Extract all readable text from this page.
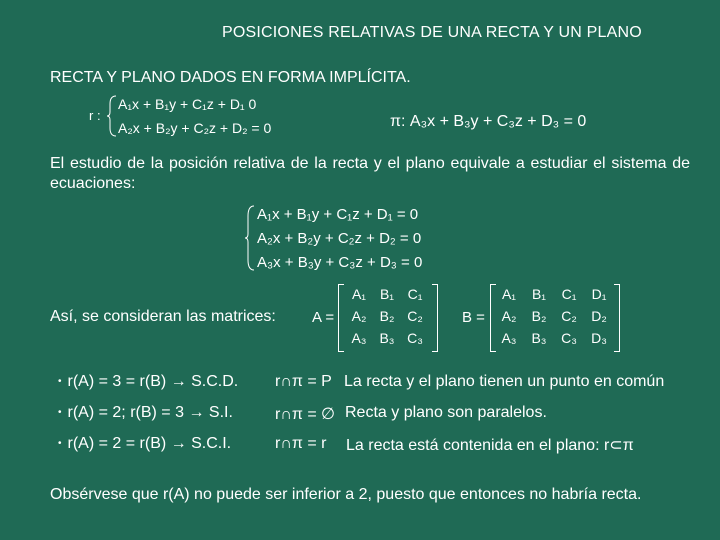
POSICIONES RELATIVAS DE UNA RECTA Y UN PLANO
RECTA Y PLANO DADOS EN FORMA IMPLÍCITA.
r :
A₁x + B₁y + C₁z + D₁ 0
A₂x + B₂y + C₂z + D₂ = 0	π: A₃x + B₃y + C₃z + D₃ = 0
El estudio de la posición relativa de la recta y el plano equivale a estudiar el sistema de ecuaciones:
A₁x + B₁y + C₁z + D₁ = 0
A₂x + B₂y + C₂z + D₂ = 0
A₃x + B₃y + C₃z + D₃ = 0
Así, se consideran las matrices: A =
A₁ B₁ C₁
A₂ B₂ C₂
A₃ B₃ C₃
B =
A₁	B₁	C₁	D₁
A₂	B₂	C₂	D₂
A₃	B₃	C₃	D₃
• r(A) = 3 = r(B) → S.C.D. r∩π = P La recta y el plano tienen un punto en común
• r(A) = 2; r(B) = 3 → S.I.	r∩π = ∅ Recta y plano son paralelos.
• r(A) = 2 = r(B) → S.C.I.	r∩π = r La recta está contenida en el plano: r⊂π
Obsérvese que r(A) no puede ser inferior a 2, puesto que entonces no habría recta.
